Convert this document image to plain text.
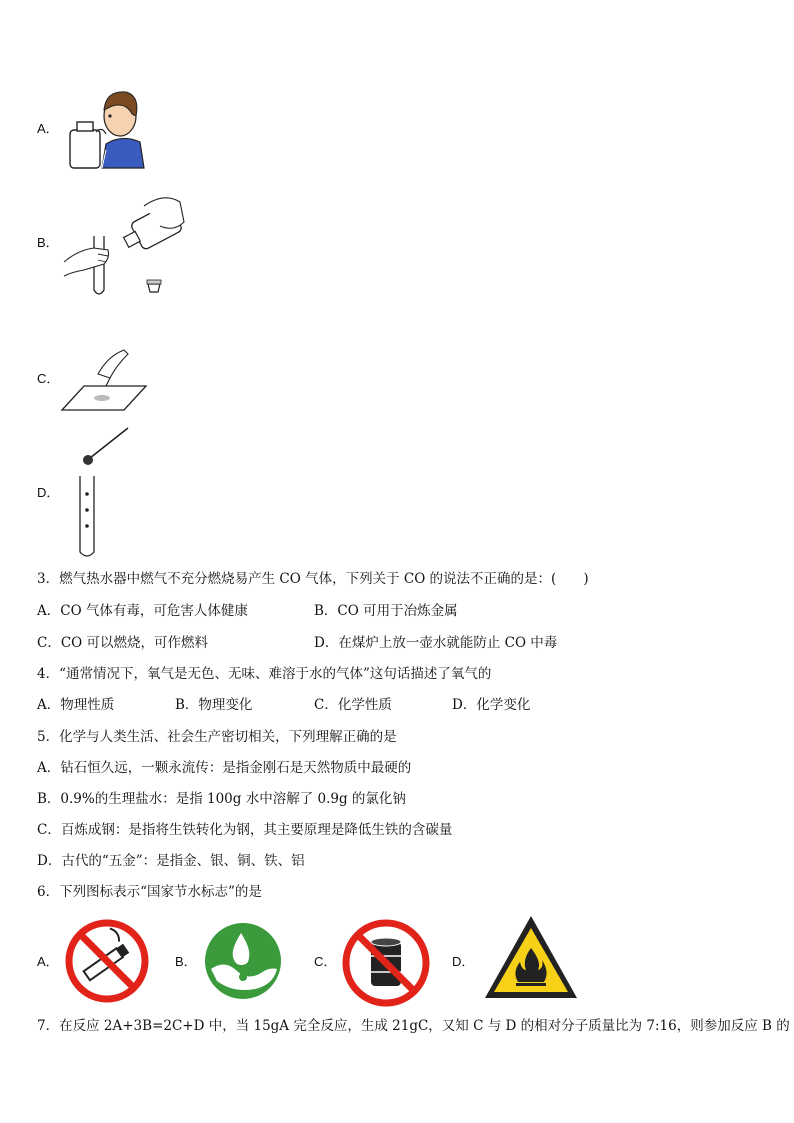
A．
B．
C．
D．
3．燃气热水器中燃气不充分燃烧易产生 CO 气体，下列关于 CO 的说法不正确的是：(　　)
A．CO 气体有毒，可危害人体健康	B．CO 可用于冶炼金属
C．CO 可以燃烧，可作燃料	D．在煤炉上放一壶水就能防止 CO 中毒
4．“通常情况下，氧气是无色、无味、难溶于水的气体”这句话描述了氧气的
A．物理性质	B．物理变化	C．化学性质	D．化学变化
5．化学与人类生活、社会生产密切相关，下列理解正确的是
A．钻石恒久远，一颗永流传：是指金刚石是天然物质中最硬的
B．0.9%的生理盐水：是指 100g 水中溶解了 0.9g 的氯化钠
C．百炼成钢：是指将生铁转化为钢，其主要原理是降低生铁的含碳量
D．古代的“五金”：是指金、银、铜、铁、铝
6．下列图标表示“国家节水标志”的是
A．	B．	C．	D．
7．在反应 2A+3B=2C+D 中，当 15gA 完全反应，生成 21gC，又知 C 与 D 的相对分子质量比为 7:16，则参加反应 B 的
